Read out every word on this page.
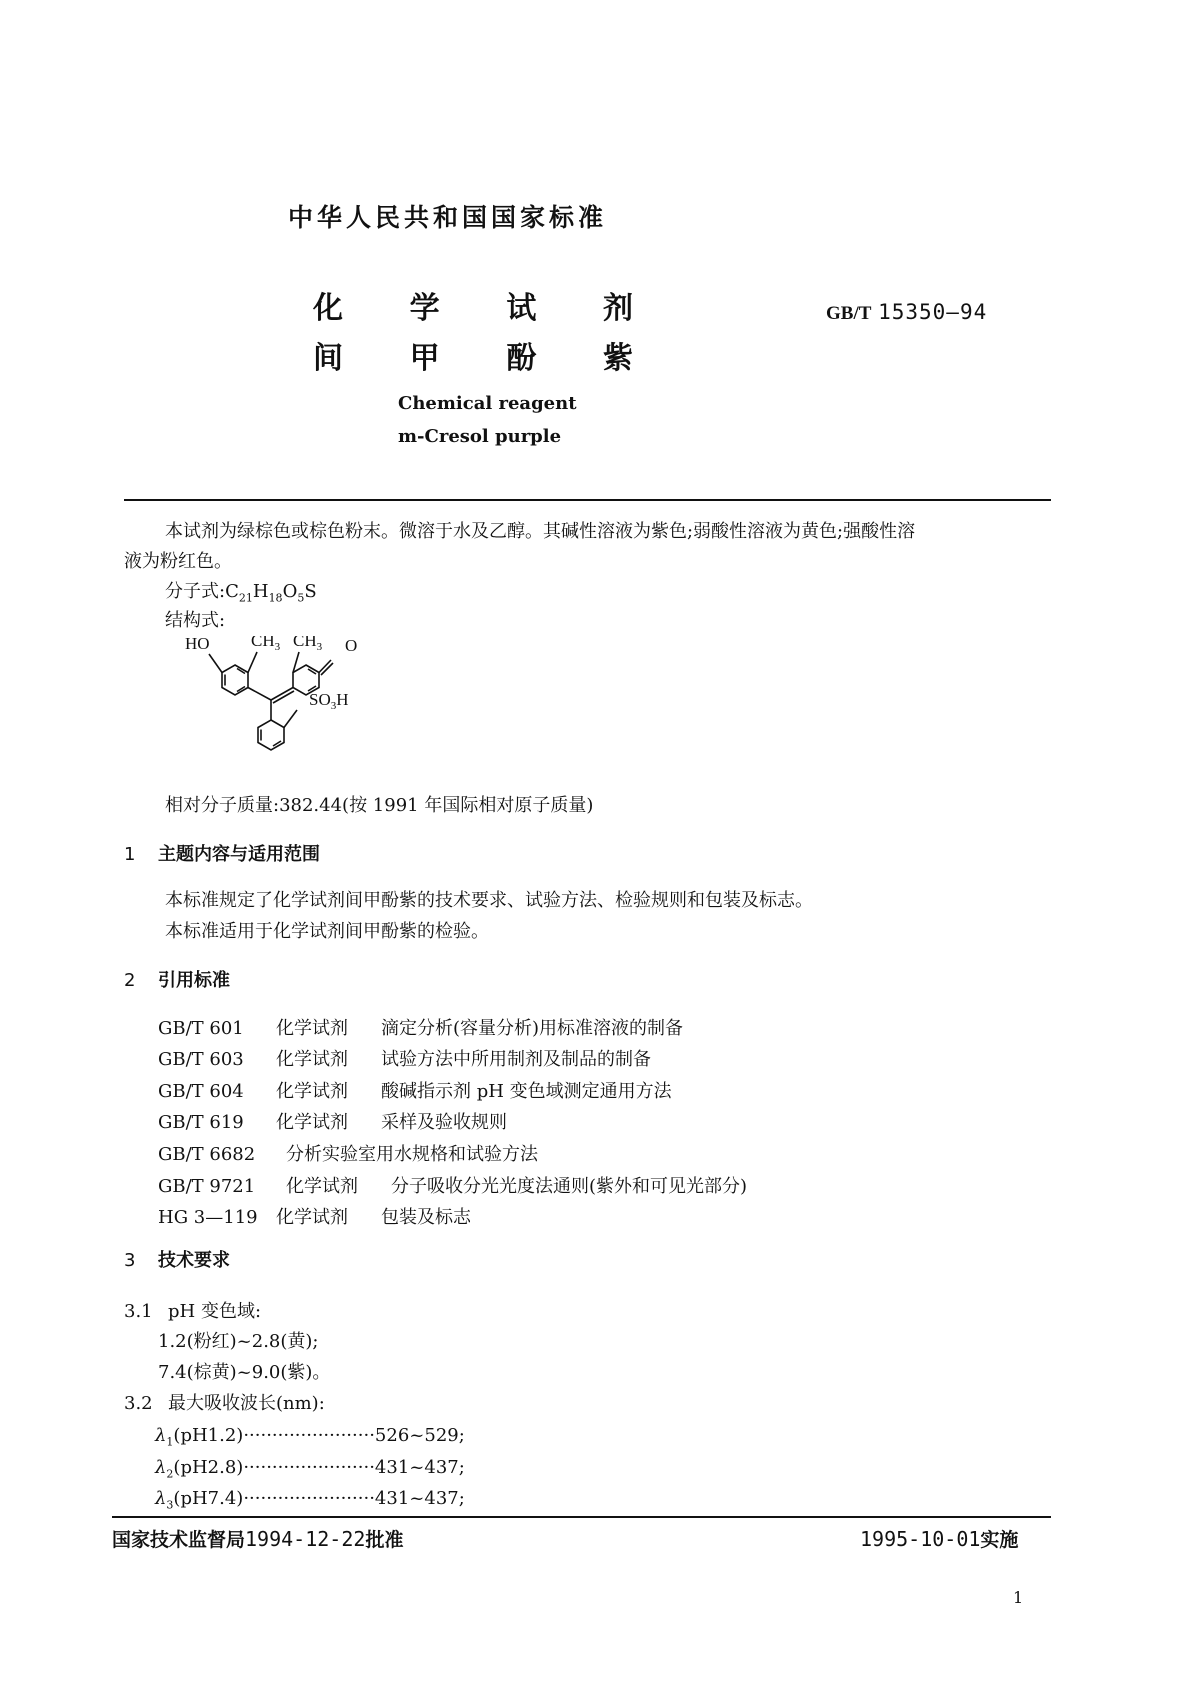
中华人民共和国国家标准
化 学 试 剂
间 甲 酚 紫
GB/T 15350—94
Chemical reagent
m-Cresol purple
本试剂为绿棕色或棕色粉末。微溶于水及乙醇。其碱性溶液为紫色;弱酸性溶液为黄色;强酸性溶
液为粉红色。
分子式$:C_{21}H_{18}O_5S$
结构式:
HO $CH_3$ $CH_3$ O
$SO_3H$
相对分子质量:382.44(按 1991 年国际相对原子质量)
1 主题内容与适用范围
本标准规定了化学试剂间甲酚紫的技术要求、试验方法、检验规则和包装及标志。
本标准适用于化学试剂间甲酚紫的检验。
2 引用标准
GB/T 601 化学试剂 滴定分析(容量分析)用标准溶液的制备
GB/T 603 化学试剂 试验方法中所用制剂及制品的制备
GB/T 604 化学试剂 酸碱指示剂 pH 变色域测定通用方法
GB/T 619 化学试剂 采样及验收规则
GB/T 6682 分析实验室用水规格和试验方法
GB/T 9721 化学试剂 分子吸收分光光度法通则(紫外和可见光部分)
HG 3—119 化学试剂 包装及标志
3 技术要求
3.1 pH 变色域:
1.2(粉红)~2.8(黄);
7.4(棕黄)~9.0(紫)。
3.2 最大吸收波长(nm):
$\lambda_1(pH1.2)\cdot\cdot\cdot\cdot\cdot\cdot\cdot\cdot\cdot\cdot\cdot\cdot\cdot\cdot\cdot\cdot\cdot\cdot\cdot\cdot\cdot\cdot\cdot 526\sim 529$;
$\lambda_2(pH2.8)\cdot\cdot\cdot\cdot\cdot\cdot\cdot\cdot\cdot\cdot\cdot\cdot\cdot\cdot\cdot\cdot\cdot\cdot\cdot\cdot\cdot\cdot\cdot 431\sim 437$;
$\lambda_3(pH7.4)\cdot\cdot\cdot\cdot\cdot\cdot\cdot\cdot\cdot\cdot\cdot\cdot\cdot\cdot\cdot\cdot\cdot\cdot\cdot\cdot\cdot\cdot\cdot 431\sim 437$;
国家技术监督局1994-12-22批准	1995-10-01实施
1
